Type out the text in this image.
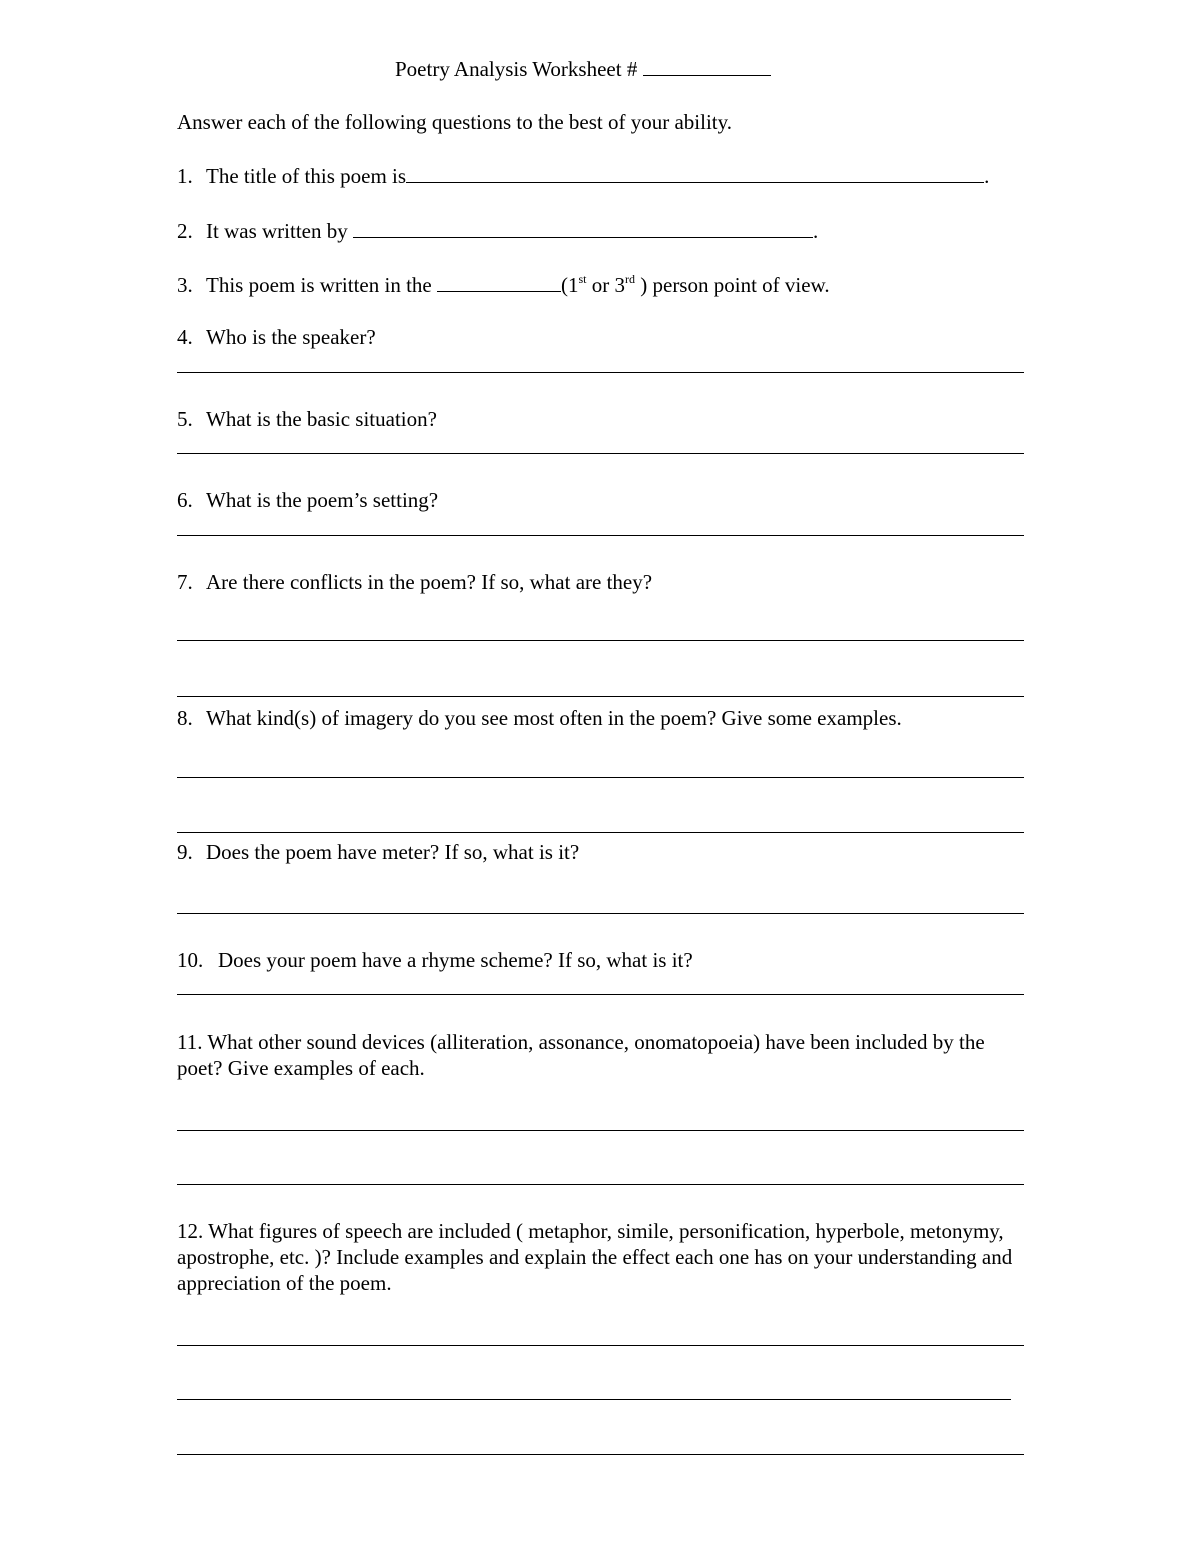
Poetry Analysis Worksheet #
Answer each of the following questions to the best of your ability.
1. The title of this poem is	.
2. It was written by	.
3. This poem is written in the	(1st or 3rd ) person point of view.
4. Who is the speaker?
5. What is the basic situation?
6. What is the poem’s setting?
7. Are there conflicts in the poem? If so, what are they?
8. What kind(s) of imagery do you see most often in the poem? Give some examples.
9. Does the poem have meter? If so, what is it?
10. Does your poem have a rhyme scheme? If so, what is it?
11. What other sound devices (alliteration, assonance, onomatopoeia) have been included by the poet? Give examples of each.
12. What figures of speech are included ( metaphor, simile, personification, hyperbole, metonymy, apostrophe, etc. )? Include examples and explain the effect each one has on your understanding and appreciation of the poem.
